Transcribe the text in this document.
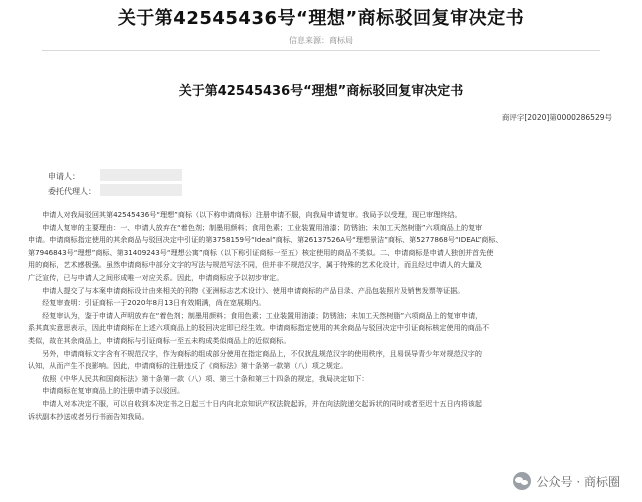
关于第42545436号“理想”商标驳回复审决定书
信息来源：商标局
关于第42545436号“理想”商标驳回复审决定书
商评字[2020]第0000286529号
申请人：
委托代理人：

申请人对我局驳回其第42545436号“理想”商标（以下称申请商标）注册申请不服，向我局申请复审。我局予以受理，现已审理终结。

申请人复审的主要理由：一、申请人放弃在“着色剂；制墨用颜料；食用色素；工业装置用油漆；防锈油；未加工天然树脂”六项商品上的复审

申请。申请商标指定使用的其余商品与驳回决定中引证的第3758159号“Ideal”商标、第26137526A号“理想景洁”商标、第5277868号“IDEAL”商标、

第7946843号“理想”商标、第31409243号“理想公寓”商标（以下称引证商标一至五）核定使用的商品不类似。二、申请商标是申请人独创并首先使

用的商标，艺术感极强。虽然申请商标中部分文字的写法与规范写法不同，但并非不规范汉字，属于特殊的艺术化设计，而且经过申请人的大量及

广泛宣传，已与申请人之间形成唯一对应关系。因此，申请商标应予以初步审定。

申请人提交了与本案申请商标设计由来相关的刊物《亚洲标志艺术设计》、使用申请商标的产品目录、产品包装照片及销售发票等证据。

经复审查明：引证商标一于2020年8月13日有效期满，尚在宽展期内。

经复审认为，鉴于申请人声明放弃在“着色剂；制墨用颜料；食用色素；工业装置用油漆；防锈油；未加工天然树脂”六项商品上的复审申请，

系其真实意思表示，因此申请商标在上述六项商品上的驳回决定即已经生效。申请商标指定使用的其余商品与驳回决定中引证商标核定使用的商品不

类似，故在其余商品上，申请商标与引证商标一至五未构成类似商品上的近似商标。

另外，申请商标文字含有不规范汉字，作为商标的组成部分使用在指定商品上，不仅扰乱规范汉字的使用秩序，且易误导青少年对规范汉字的

认知，从而产生不良影响。因此，申请商标的注册违反了《商标法》第十条第一款第（八）项之规定。

依照《中华人民共和国商标法》第十条第一款（八）项、第三十条和第三十四条的规定，我局决定如下：

申请商标在复审商品上的注册申请予以驳回。

申请人对本决定不服，可以自收到本决定书之日起三十日内向北京知识产权法院起诉，并在向法院递交起诉状的同时或者至迟十五日内将该起

诉状副本抄送或者另行书面告知我局。

公众号 · 商标圈
